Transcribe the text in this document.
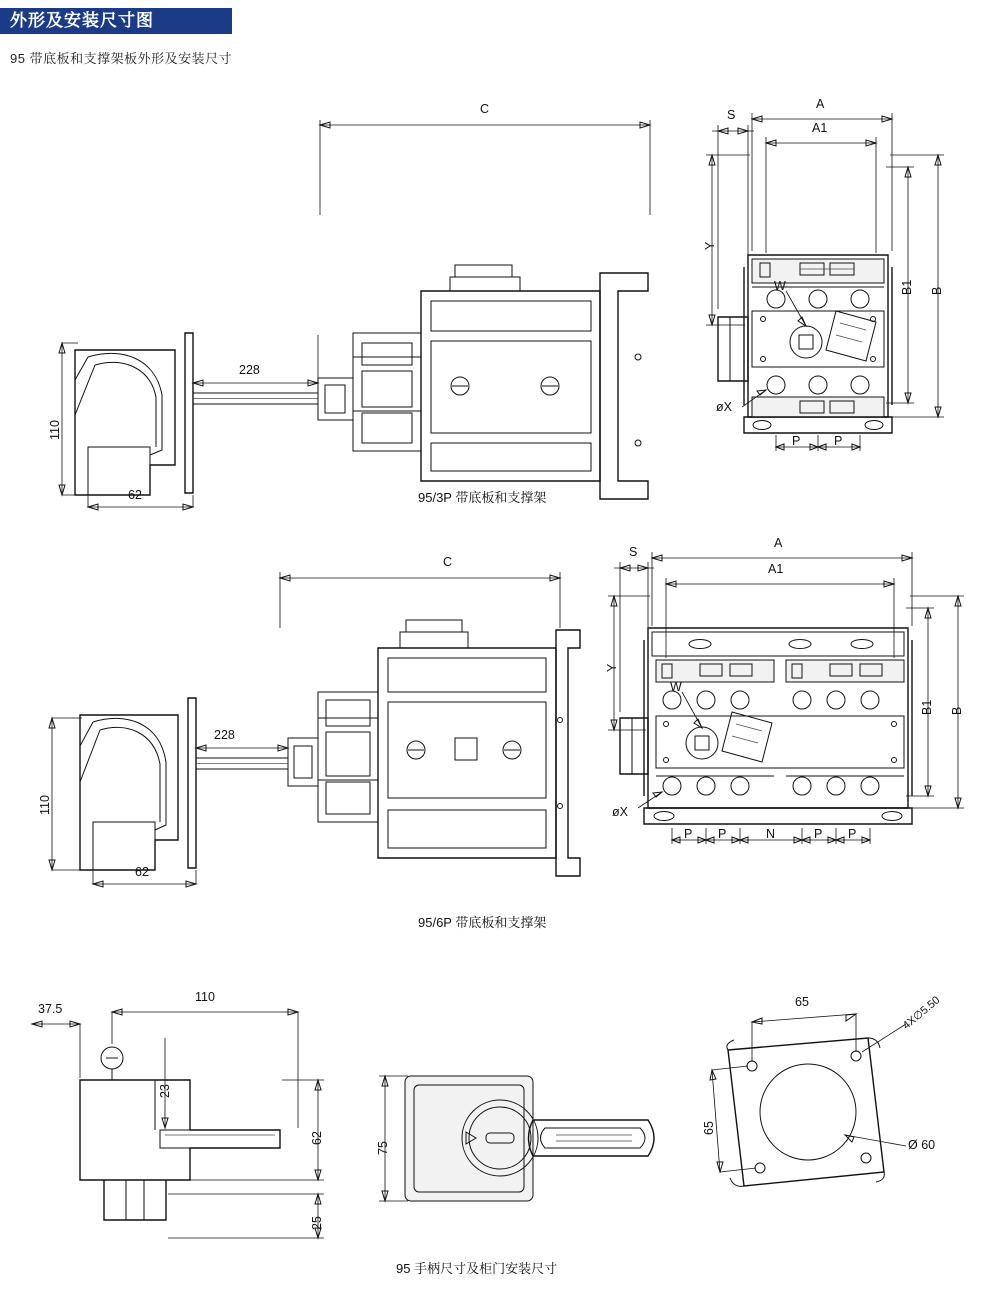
外形及安装尺寸图
95 带底板和支撑架板外形及安装尺寸
C
228
110
62
S
A
A1
Y
W	B
B1
øX
P	P
95/3P 带底板和支撑架
C
228
110
62
S
A
A1
Y
W
B
B1
øX
P P	N	P P
95/6P 带底板和支撑架
37.5
110
23
62
25
75
65
65
4X∅5.50
Ø 60
95 手柄尺寸及柜门安装尺寸
